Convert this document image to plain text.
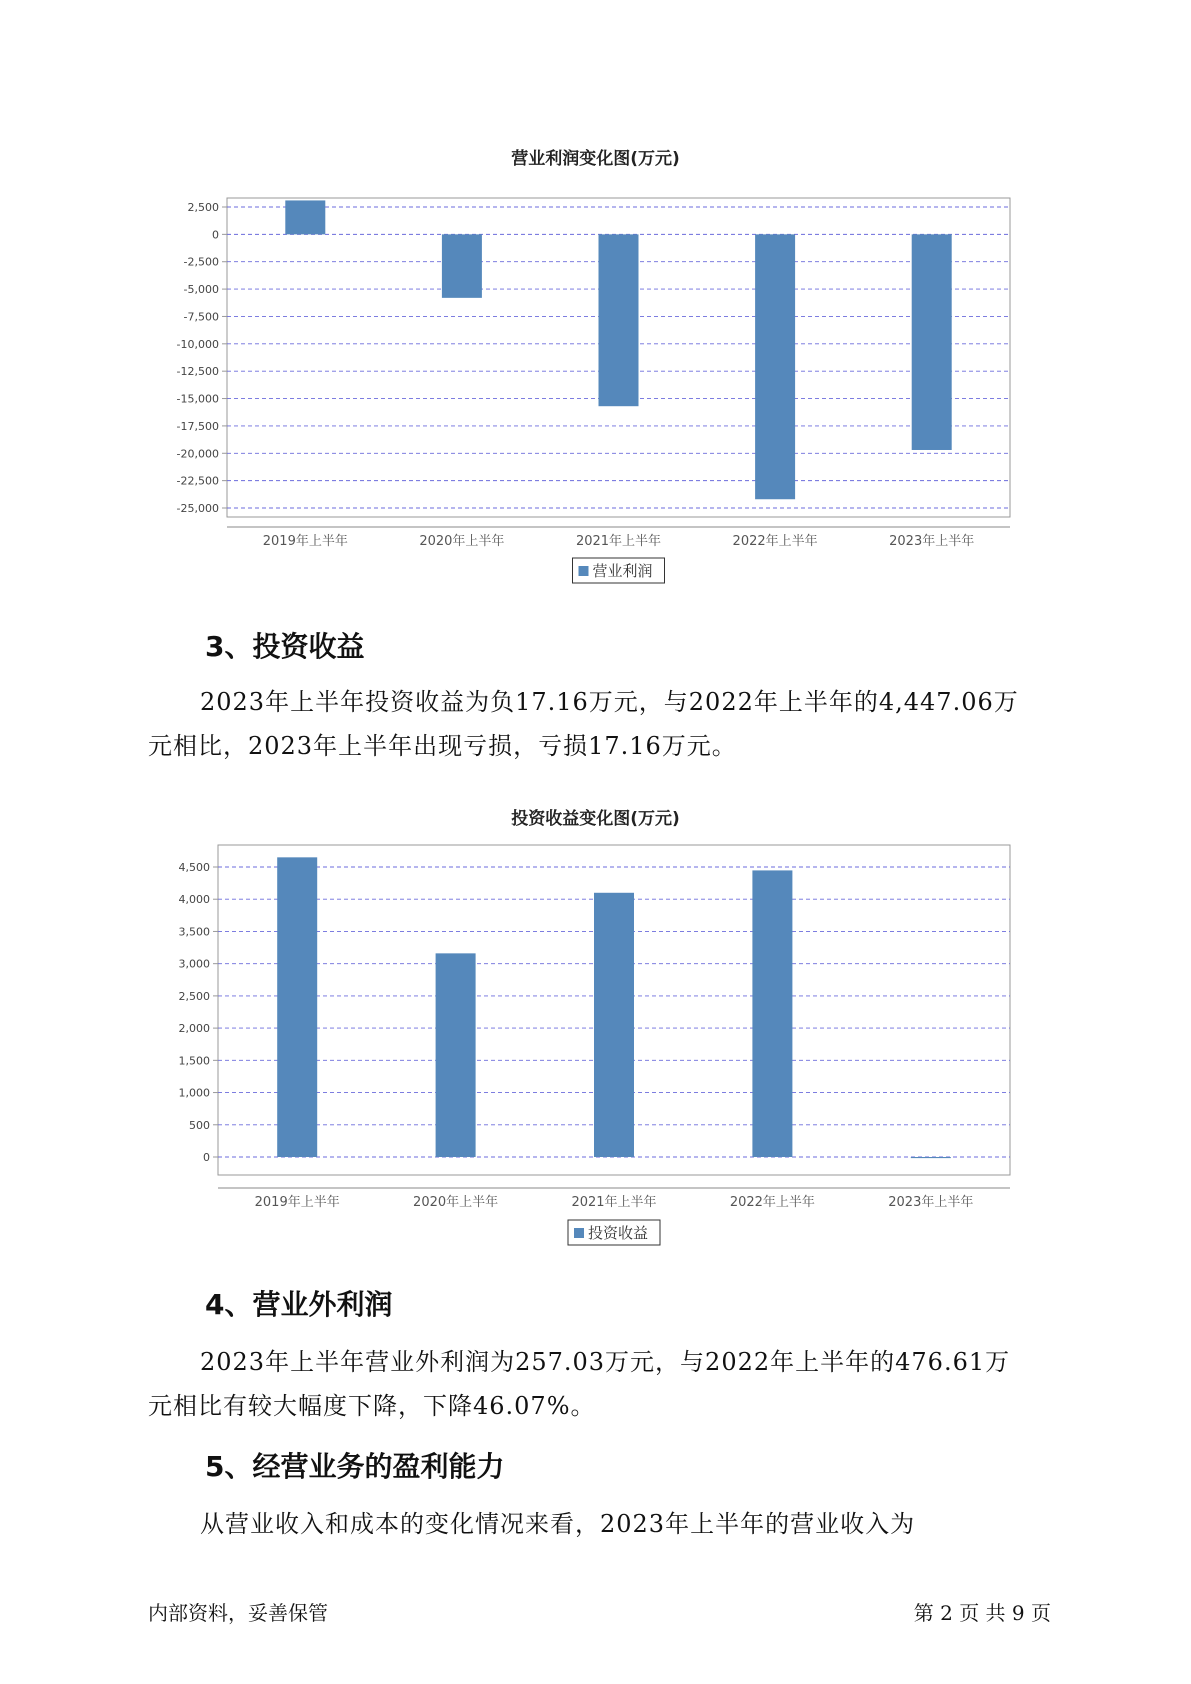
营业利润变化图(万元)
2,500
0
-2,500
-5,000
-7,500
-10,000
-12,500
-15,000
-17,500
-20,000
-22,500
-25,000
2019年上半年	2020年上半年	2021年上半年	2022年上半年	2023年上半年
营业利润
3、投资收益
2023年上半年投资收益为负17.16万元，与2022年上半年的4,447.06万
元相比，2023年上半年出现亏损，亏损17.16万元。
投资收益变化图(万元)
4,500
4,000
3,500
3,000
2,500
2,000
1,500
1,000
500
0
2019年上半年	2020年上半年	2021年上半年	2022年上半年	2023年上半年
投资收益
4、营业外利润
2023年上半年营业外利润为257.03万元，与2022年上半年的476.61万
元相比有较大幅度下降，下降46.07%。
5、经营业务的盈利能力
从营业收入和成本的变化情况来看，2023年上半年的营业收入为
内部资料，妥善保管	第 2 页 共 9 页
